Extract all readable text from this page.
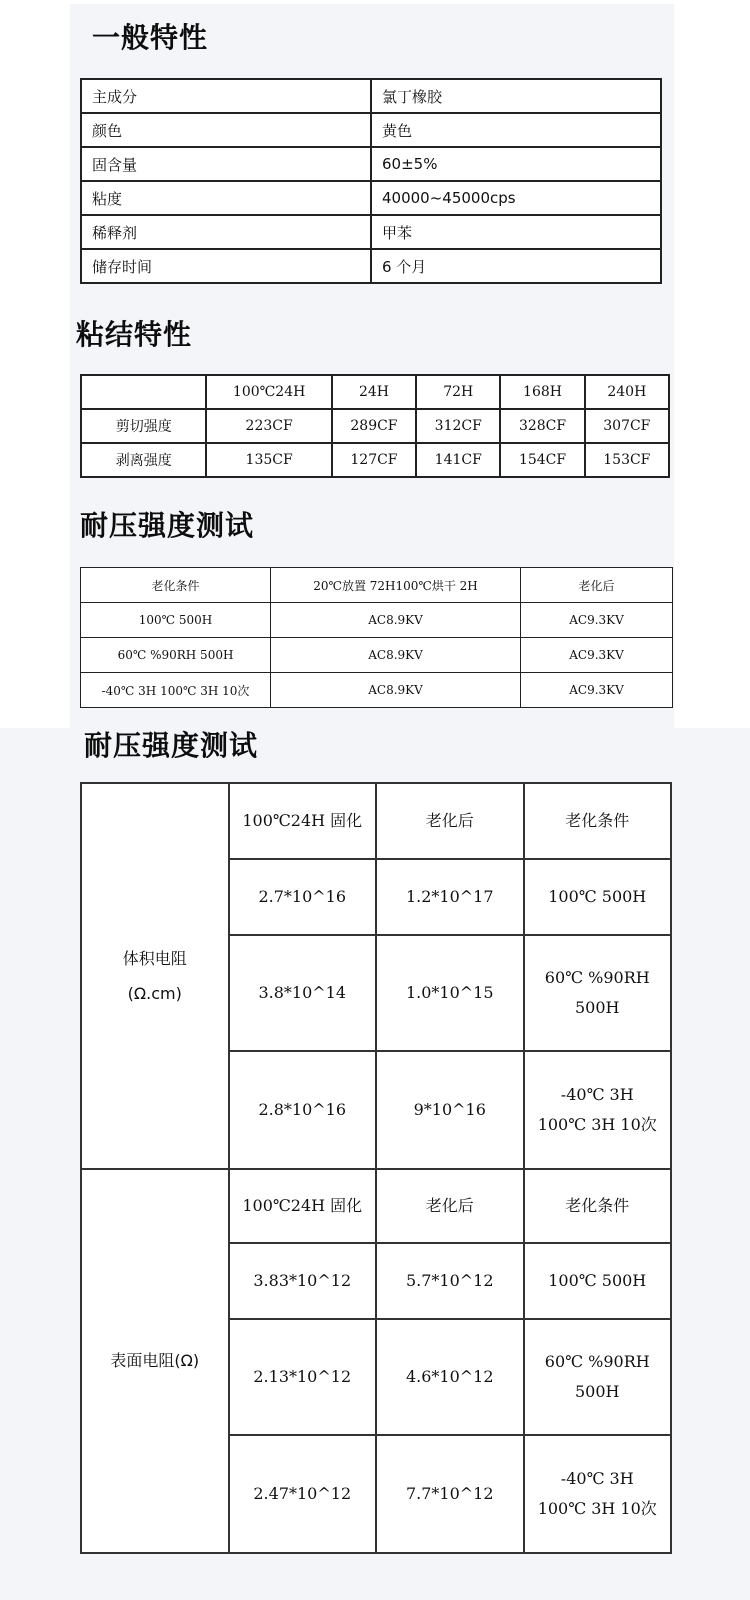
一般特性
主成分	氯丁橡胶
颜色	黄色
固含量	60±5%
粘度	40000~45000cps
稀释剂	甲苯
储存时间	6 个月
粘结特性
	100℃24H	24H	72H	168H	240H
剪切强度	223CF	289CF	312CF	328CF	307CF
剥离强度	135CF	127CF	141CF	154CF	153CF
耐压强度测试
老化条件	20℃放置 72H100℃烘干 2H	老化后
100℃ 500H	AC8.9KV	AC9.3KV
60℃ %90RH 500H	AC8.9KV	AC9.3KV
-40℃ 3H 100℃ 3H 10次	AC8.9KV	AC9.3KV
耐压强度测试
体积电阻
(Ω.cm)	100℃24H 固化	老化后	老化条件
	2.7*10^16	1.2*10^17	100℃ 500H
	3.8*10^14	1.0*10^15	60℃ %90RH
500H
	2.8*10^16	9*10^16	-40℃ 3H
100℃ 3H 10次
表面电阻(Ω)	100℃24H 固化	老化后	老化条件
	3.83*10^12	5.7*10^12	100℃ 500H
	2.13*10^12	4.6*10^12	60℃ %90RH
500H
	2.47*10^12	7.7*10^12	-40℃ 3H
100℃ 3H 10次
